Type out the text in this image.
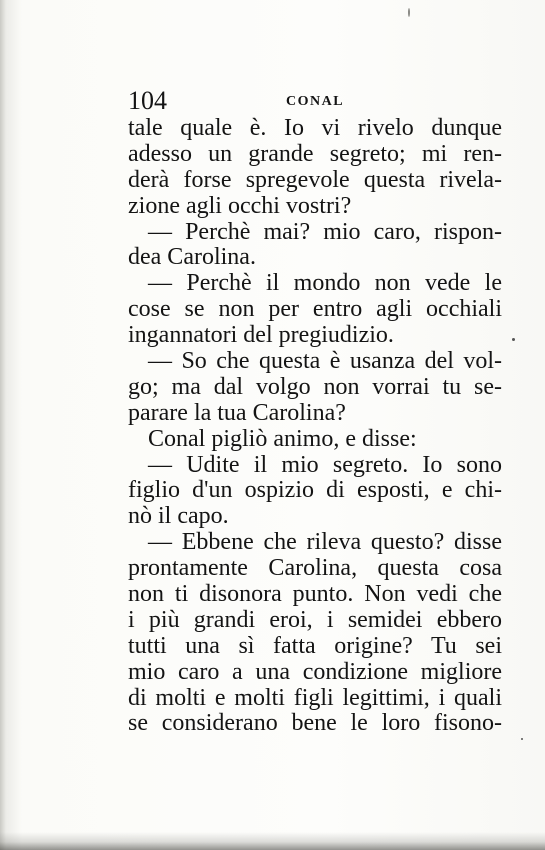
104	CONAL
tale quale è. Io vi rivelo dunque
adesso un grande segreto; mi ren-
derà forse spregevole questa rivela-
zione agli occhi vostri?
— Perchè mai? mio caro, rispon-
dea Carolina.
— Perchè il mondo non vede le
cose se non per entro agli occhiali
ingannatori del pregiudizio.
— So che questa è usanza del vol-
go; ma dal volgo non vorrai tu se-
parare la tua Carolina?
Conal pigliò animo, e disse:
— Udite il mio segreto. Io sono
figlio d'un ospizio di esposti, e chi-
nò il capo.
— Ebbene che rileva questo? disse
prontamente Carolina, questa cosa
non ti disonora punto. Non vedi che
i più grandi eroi, i semidei ebbero
tutti una sì fatta origine? Tu sei
mio caro a una condizione migliore
di molti e molti figli legittimi, i quali
se considerano bene le loro fisono-
